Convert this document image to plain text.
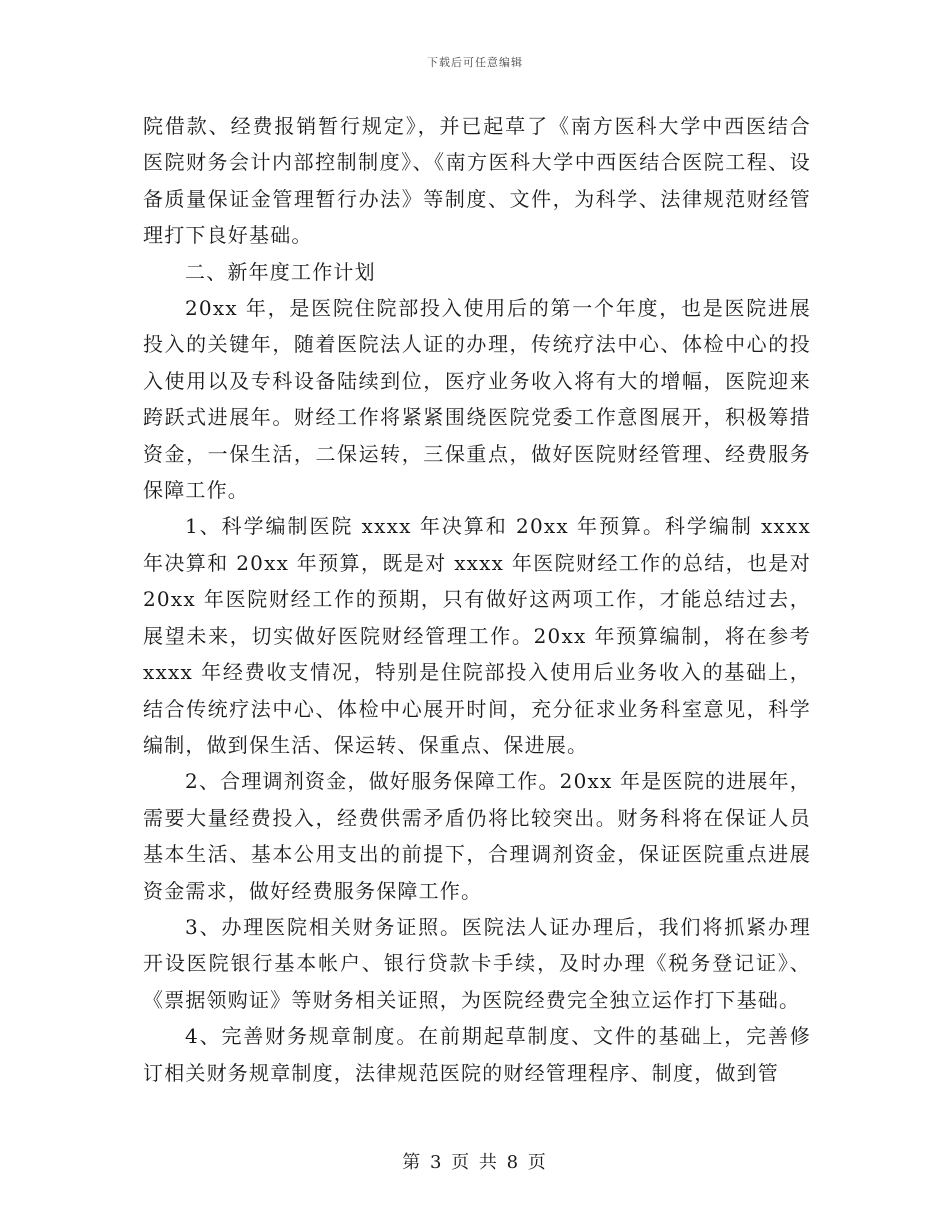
下载后可任意编辑

院借款、经费报销暂行规定》，并已起草了《南方医科大学中西医结合医院财务会计内部控制制度》、《南方医科大学中西医结合医院工程、设备质量保证金管理暂行办法》等制度、文件，为科学、法律规范财经管理打下良好基础。

二、新年度工作计划

20xx 年，是医院住院部投入使用后的第一个年度，也是医院进展投入的关键年，随着医院法人证的办理，传统疗法中心、体检中心的投入使用以及专科设备陆续到位，医疗业务收入将有大的增幅，医院迎来跨跃式进展年。财经工作将紧紧围绕医院党委工作意图展开，积极筹措资金，一保生活，二保运转，三保重点，做好医院财经管理、经费服务保障工作。

1、科学编制医院 xxxx 年决算和 20xx 年预算。科学编制 xxxx 年决算和 20xx 年预算，既是对 xxxx 年医院财经工作的总结，也是对 20xx 年医院财经工作的预期，只有做好这两项工作，才能总结过去，展望未来，切实做好医院财经管理工作。20xx 年预算编制，将在参考 xxxx 年经费收支情况，特别是住院部投入使用后业务收入的基础上，结合传统疗法中心、体检中心展开时间，充分征求业务科室意见，科学编制，做到保生活、保运转、保重点、保进展。

2、合理调剂资金，做好服务保障工作。20xx 年是医院的进展年，需要大量经费投入，经费供需矛盾仍将比较突出。财务科将在保证人员基本生活、基本公用支出的前提下，合理调剂资金，保证医院重点进展资金需求，做好经费服务保障工作。

3、办理医院相关财务证照。医院法人证办理后，我们将抓紧办理开设医院银行基本帐户、银行贷款卡手续，及时办理《税务登记证》、《票据领购证》等财务相关证照，为医院经费完全独立运作打下基础。

4、完善财务规章制度。在前期起草制度、文件的基础上，完善修订相关财务规章制度，法律规范医院的财经管理程序、制度，做到管

第 3 页 共 8 页
